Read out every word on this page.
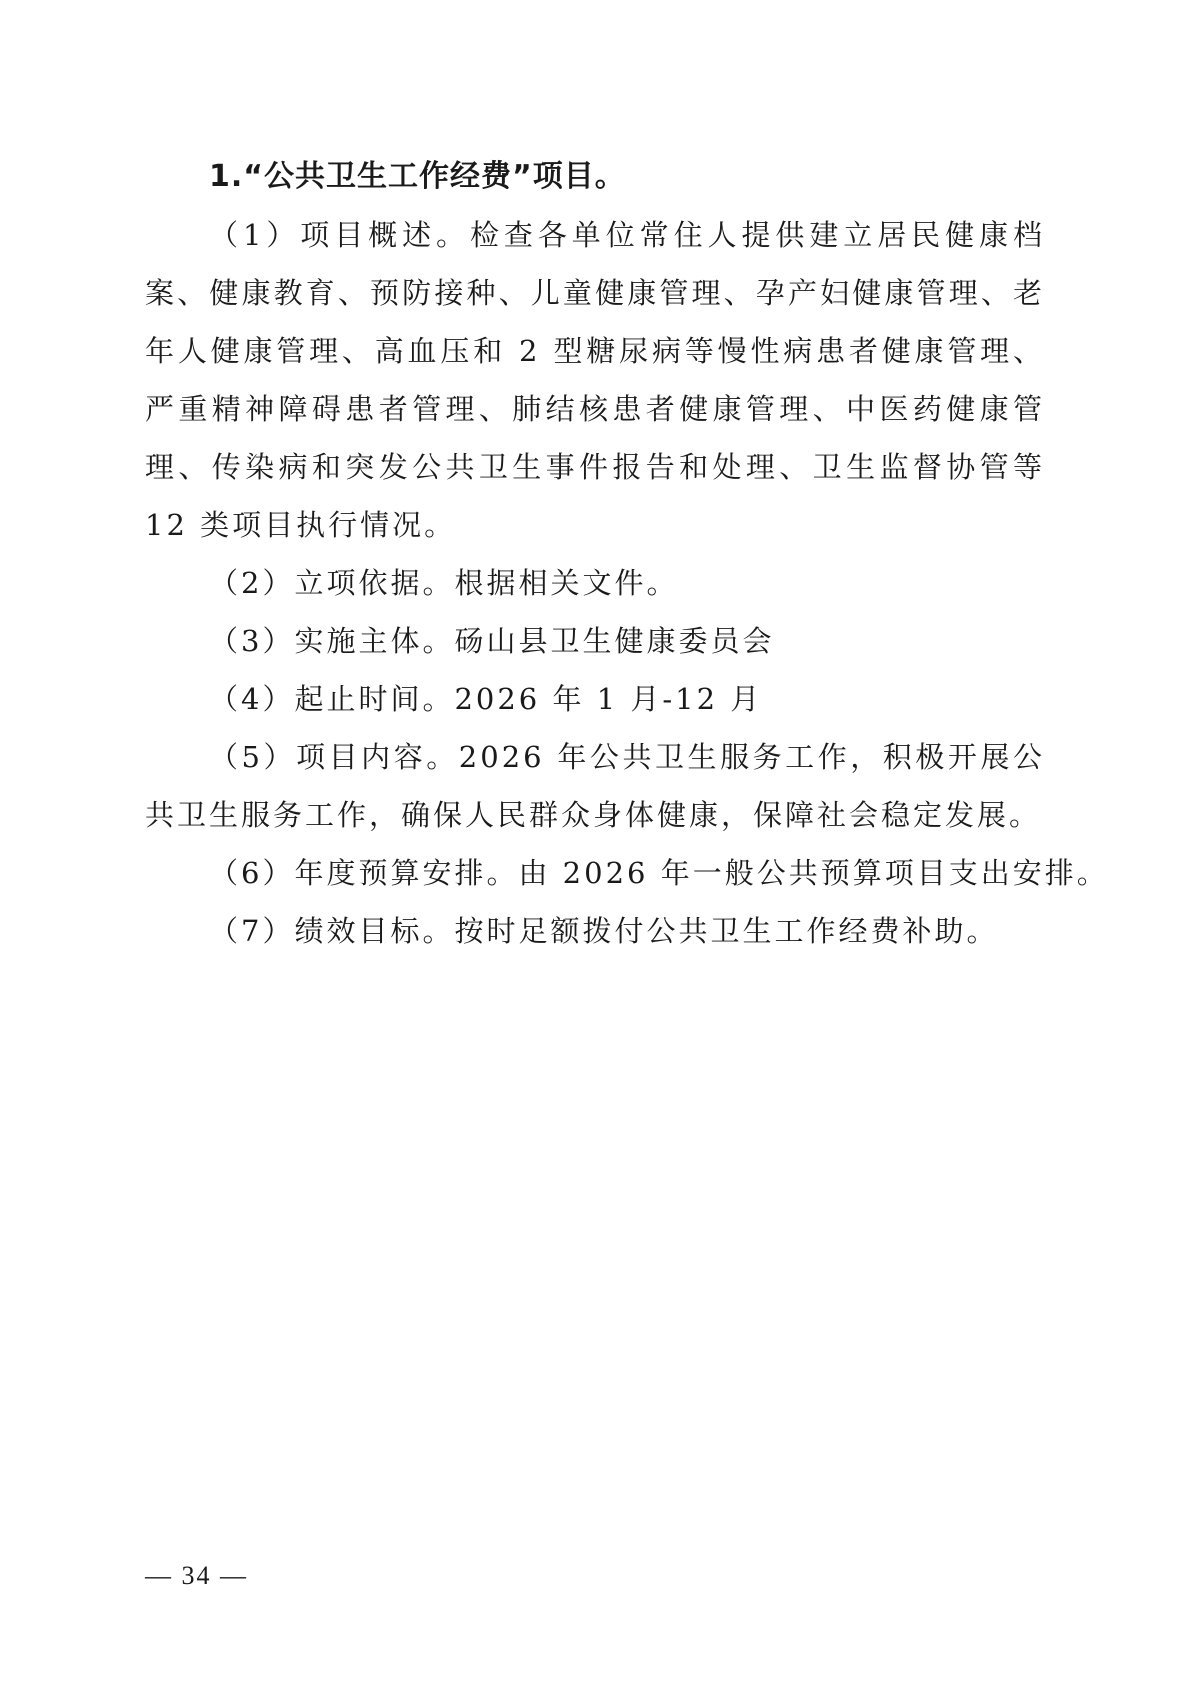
1.“公共卫生工作经费”项目。

（1）项目概述。检查各单位常住人提供建立居民健康档案、健康教育、预防接种、儿童健康管理、孕产妇健康管理、老年人健康管理、高血压和 2 型糖尿病等慢性病患者健康管理、严重精神障碍患者管理、肺结核患者健康管理、中医药健康管理、传染病和突发公共卫生事件报告和处理、卫生监督协管等 12 类项目执行情况。

（2）立项依据。根据相关文件。

（3）实施主体。砀山县卫生健康委员会

（4）起止时间。2026 年 1 月-12 月

（5）项目内容。2026 年公共卫生服务工作，积极开展公共卫生服务工作，确保人民群众身体健康，保障社会稳定发展。

（6）年度预算安排。由 2026 年一般公共预算项目支出安排。

（7）绩效目标。按时足额拨付公共卫生工作经费补助。

— 34 —
